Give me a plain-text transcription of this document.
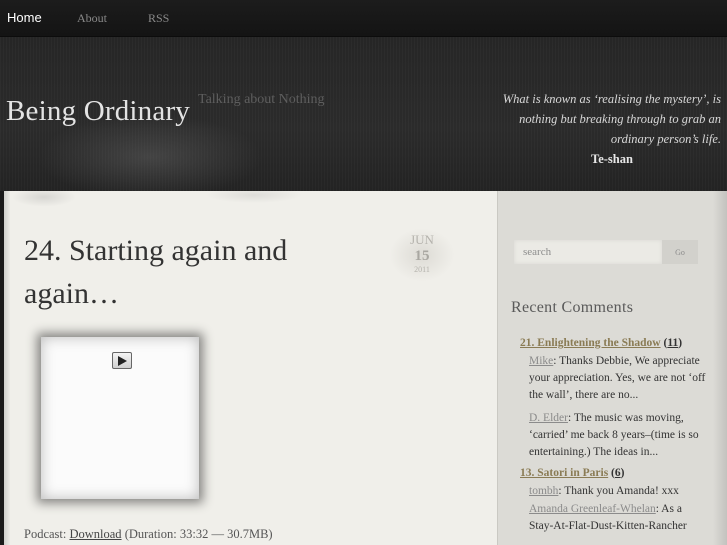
Home	About	RSS
Being Ordinary Talking about Nothing	What is known as ‘realising the mystery’, is
nothing but breaking through to grab an
ordinary person’s life.
Te-shan
24. Starting again and again…
JUN
15
2011
Podcast: Download (Duration: 33:32 — 30.7MB)
search
Go
Recent Comments
21. Enlightening the Shadow (11)
Mike: Thanks Debbie, We appreciate your appreciation. Yes, we are not ‘off the wall’, there are no...
D. Elder: The music was moving, ‘carried’ me back 8 years–(time is so entertaining.) The ideas in...
13. Satori in Paris (6)
tombh: Thank you Amanda! xxx
Amanda Greenleaf-Whelan: As a Stay-At-Flat-Dust-Kitten-Rancher
